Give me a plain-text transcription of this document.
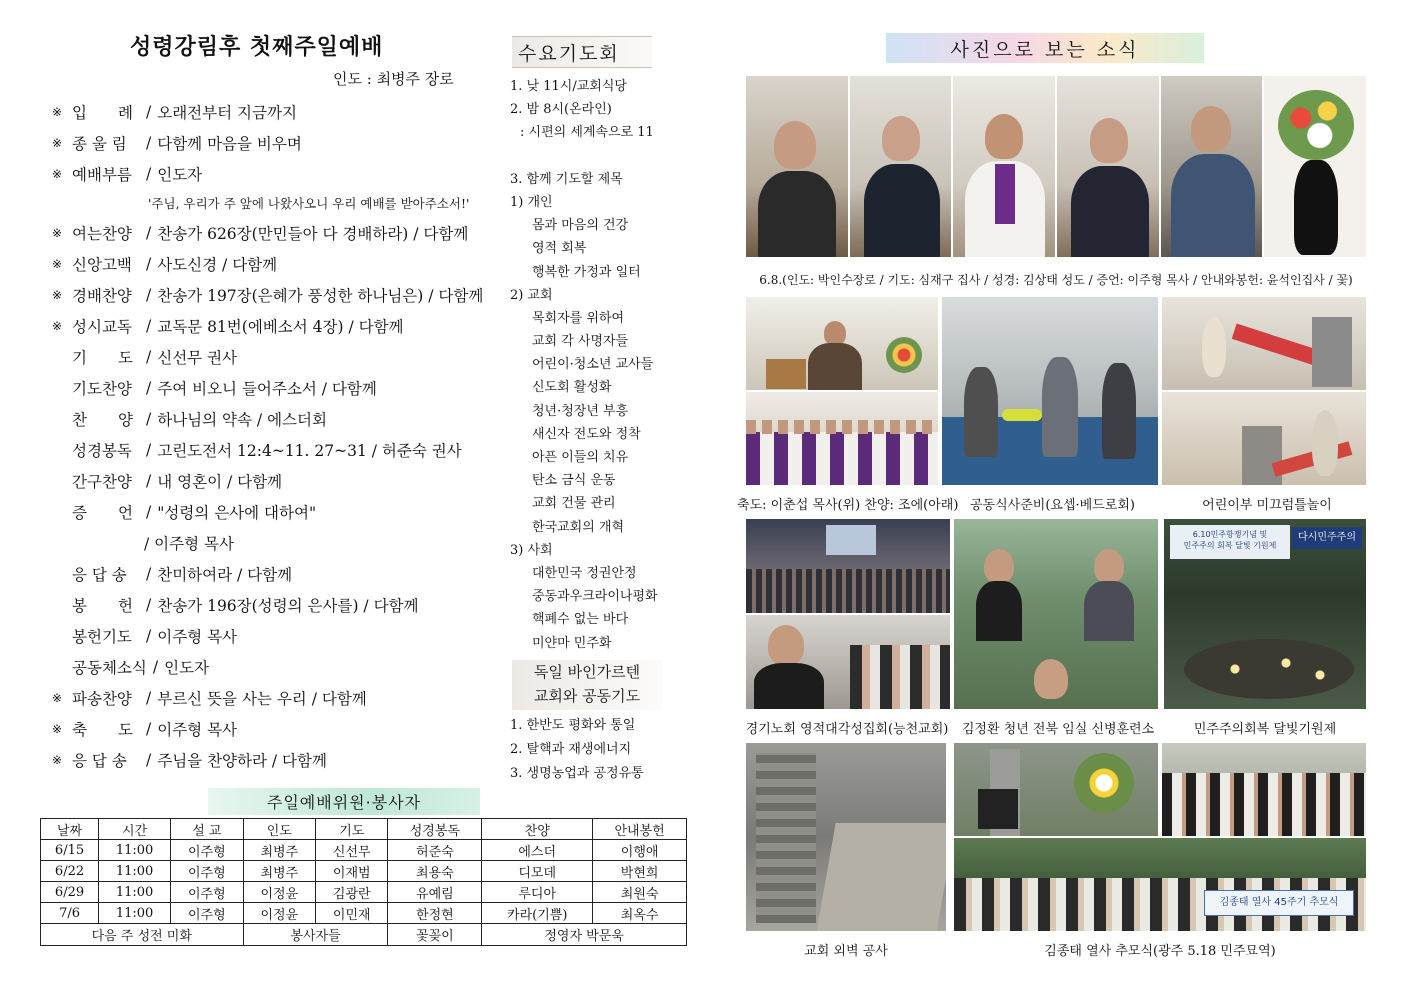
성령강림후 첫째주일예배
인도 : 최병주 장로
※ 입　　례 / 오래전부터 지금까지
※ 종 울 림	/ 다함께 마음을 비우며
※ 예배부름 / 인도자
'주님, 우리가 주 앞에 나왔사오니 우리 예배를 받아주소서!'
※ 여는찬양 / 찬송가 626장(만민들아 다 경배하라) / 다함께
※ 신앙고백 / 사도신경 / 다함께
※ 경배찬양 / 찬송가 197장(은혜가 풍성한 하나님은) / 다함께
※ 성시교독 / 교독문 81번(에베소서 4장) / 다함께
기　　도 / 신선무 권사
기도찬양 / 주여 비오니 들어주소서 / 다함께
찬　　양 / 하나님의 약속 / 에스더회
성경봉독 / 고린도전서 12:4~11. 27~31 / 허준숙 권사
간구찬양 / 내 영혼이 / 다함께
증　　언 / "성령의 은사에 대하여"
/ 이주형 목사
응 답 송	/ 찬미하여라 / 다함께
봉　　헌 / 찬송가 196장(성령의 은사를) / 다함께
봉헌기도 / 이주형 목사
공동체소식 / 인도자
※ 파송찬양 / 부르신 뜻을 사는 우리 / 다함께
※ 축　　도 / 이주형 목사
※ 응 답 송	/ 주님을 찬양하라 / 다함께
주일예배위원·봉사자
날짜	시간	설 교	인도	기도	성경봉독	찬양	안내봉헌
6/15	11:00	이주형	최병주	신선무	허준숙	에스더	이행애
6/22	11:00	이주형	최병주	이재범	최용숙	디모데	박현희
6/29	11:00	이주형	이정윤	김광란	유예림	루디아	최원숙
7/6	11:00	이주형	이정윤	이민재	한정현	카라(기쁨)	최옥수
다음 주 성전 미화			봉사자들		꽃꽂이	정영자 박문욱	
수요기도회
1. 낮 11시/교회식당
2. 밤 8시(온라인)
: 시편의 세계속으로 11
3. 함께 기도할 제목
1) 개인
몸과 마음의 건강
영적 회복
행복한 가정과 일터
2) 교회
목회자를 위하여
교회 각 사명자들
어린이·청소년 교사들
신도회 활성화
청년·청장년 부흥
새신자 전도와 정착
아픈 이들의 치유
탄소 금식 운동
교회 건물 관리
한국교회의 개혁
3) 사회
대한민국 정권안정
중동과우크라이나평화
핵폐수 없는 바다
미얀마 민주화
독일 바인가르텐
교회와 공동기도
1. 한반도 평화와 통일
2. 탈핵과 재생에너지
3. 생명농업과 공정유통
사진으로 보는 소식
6.8.(인도: 박인수장로 / 기도: 심재구 집사 / 성경: 김상태 성도 / 증언: 이주형 목사 / 안내와봉헌: 윤석인집사 / 꽃)
축도: 이춘섭 목사(위) 찬양: 조에(아래) 공동식사준비(요셉·베드로회)	어린이부 미끄럼틀놀이
6.10민주항쟁기념 및
민주주의 회복 달빛 기원제
다시민주주의
경기노회 영적대각성집회(능천교회)	김정환 청년 전북 임실 신병훈련소	민주주의회복 달빛기원제
김종태 열사 45주기 추모식
교회 외벽 공사	김종태 열사 추모식(광주 5.18 민주묘역)
